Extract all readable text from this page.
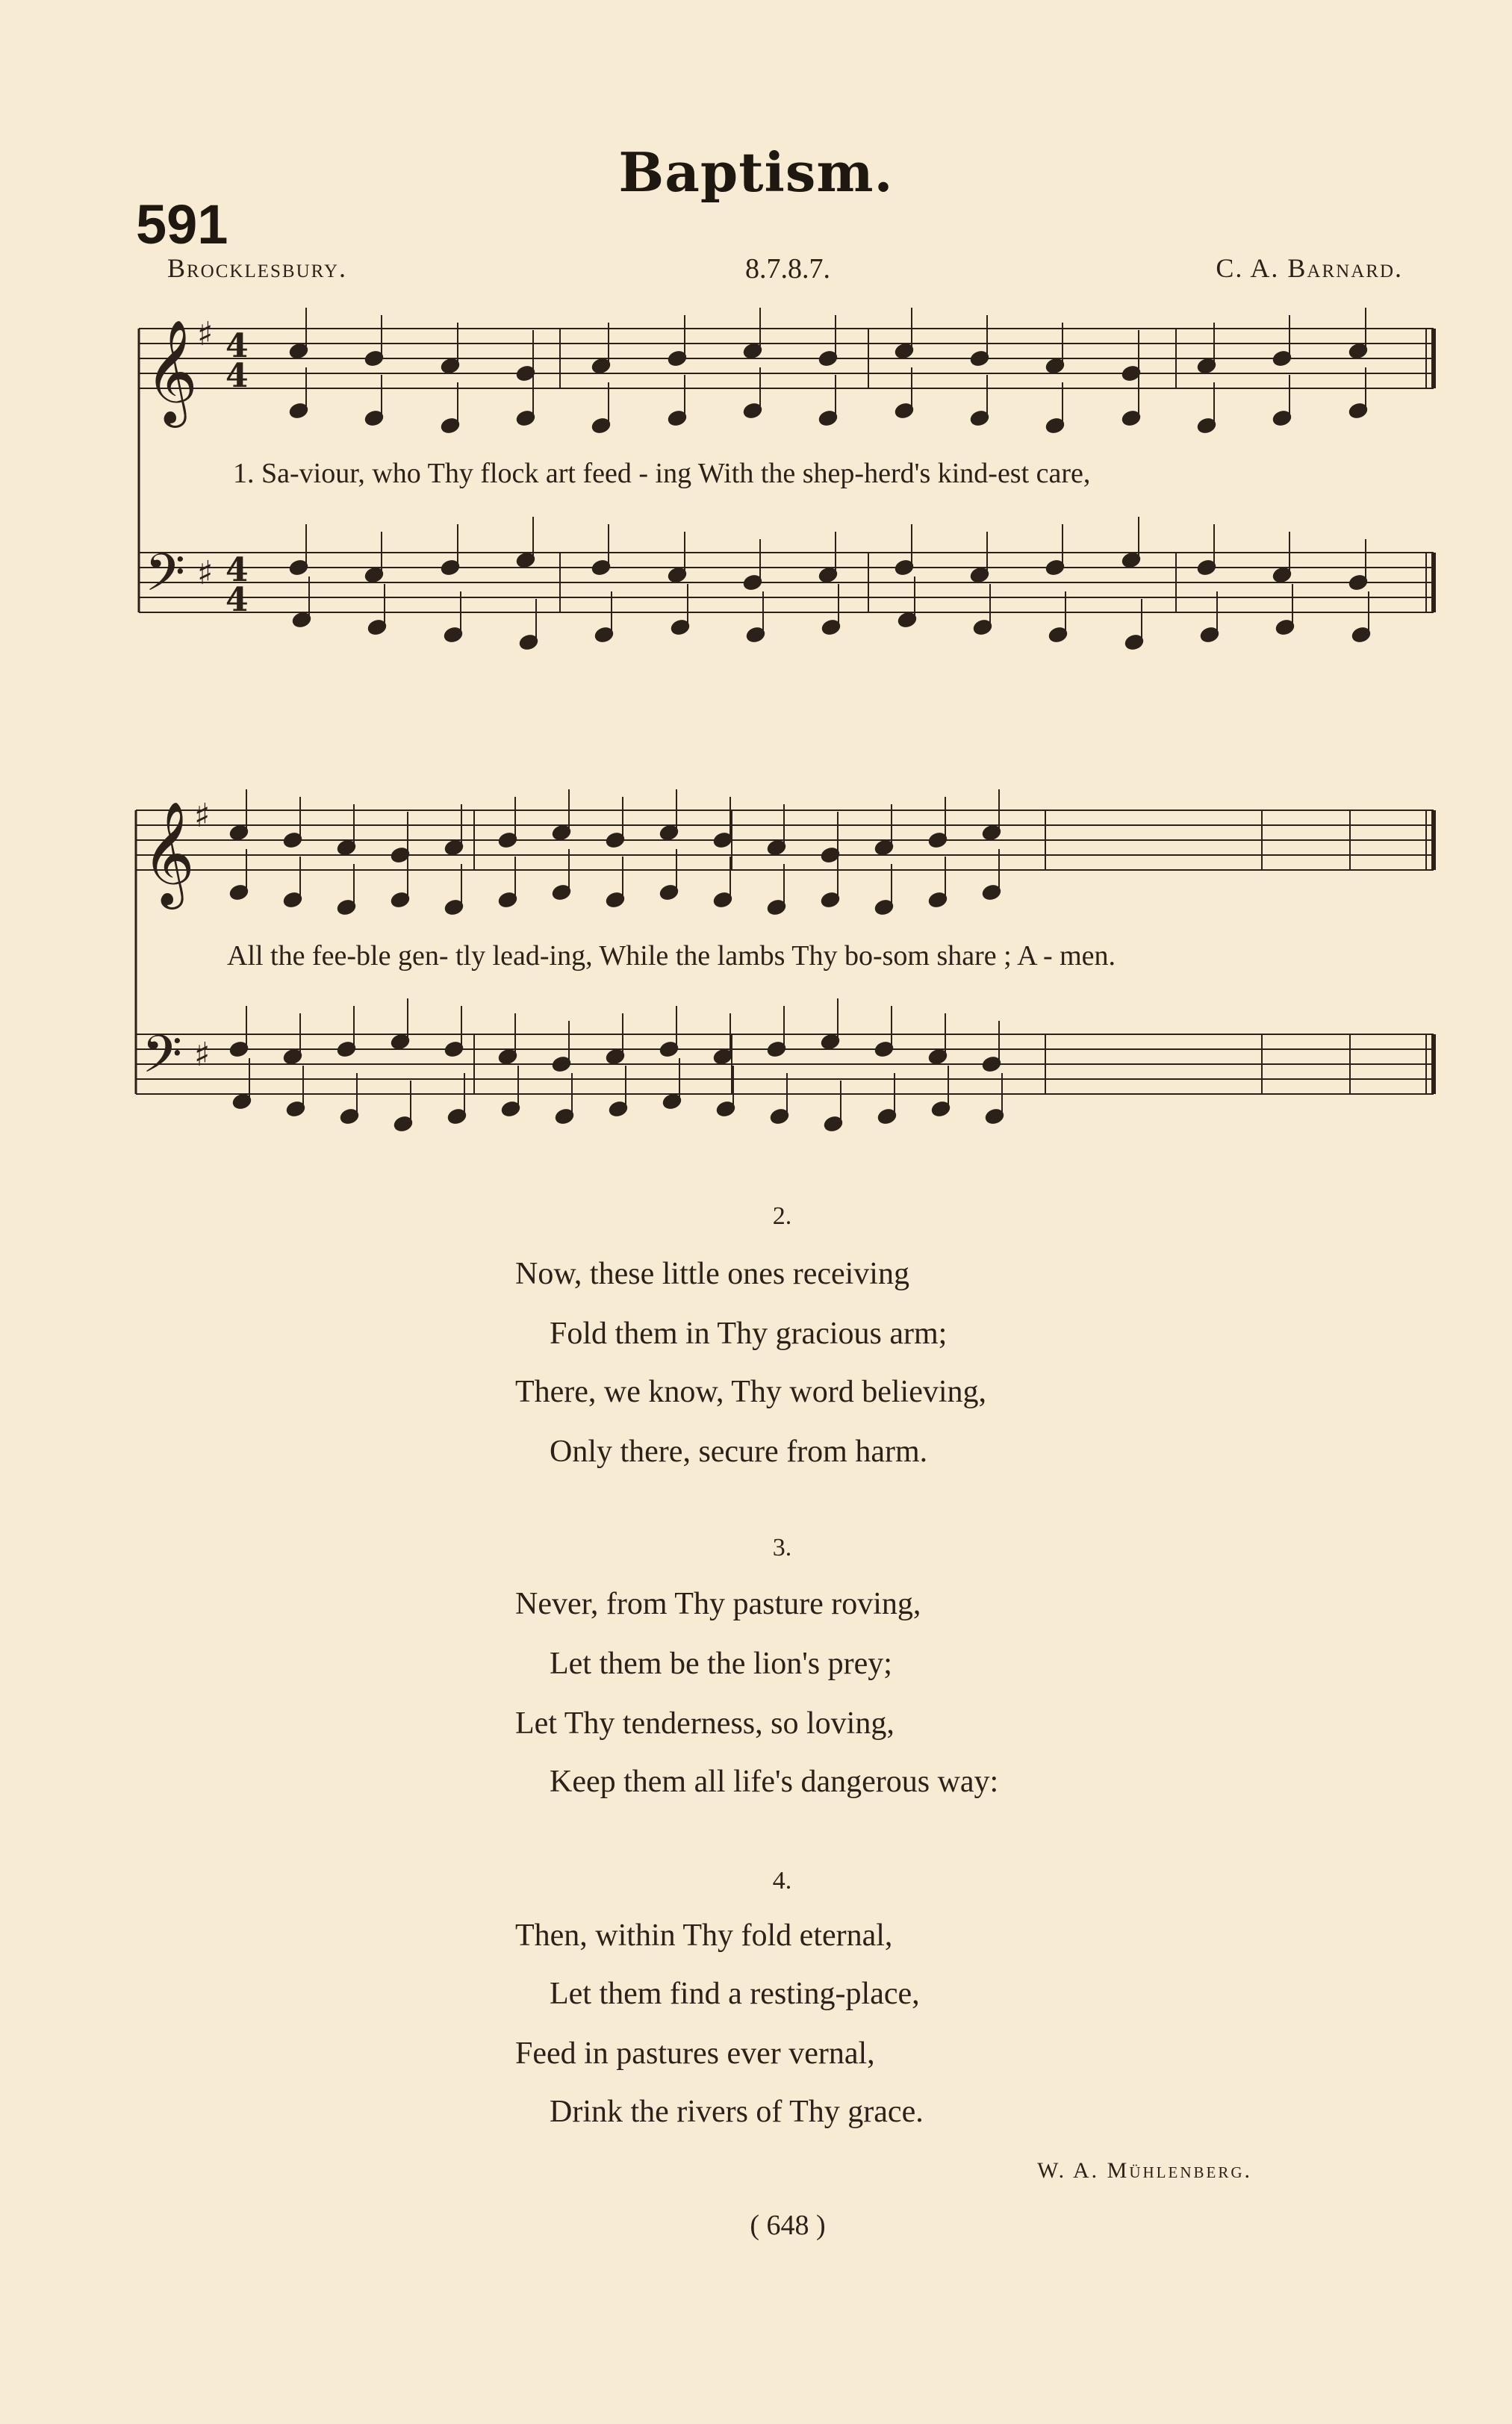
Baptism.
591
Brocklesbury.	8.7.8.7.	C. A. Barnard.
𝄞
𝄢
♯
♯
4
4
4
4
𝄞
𝄢
♯
♯
1. Sa-viour, who Thy flock art feed - ing With the shep-herd's kind-est care,
All the fee-ble gen- tly lead-ing, While the lambs Thy bo-som share ; A - men.
2.
Now, these little ones receiving
Fold them in Thy gracious arm;
There, we know, Thy word believing,
Only there, secure from harm.
3.
Never, from Thy pasture roving,
Let them be the lion's prey;
Let Thy tenderness, so loving,
Keep them all life's dangerous way:
4.
Then, within Thy fold eternal,
Let them find a resting-place,
Feed in pastures ever vernal,
Drink the rivers of Thy grace.
W. A. Mühlenberg.
( 648 )
